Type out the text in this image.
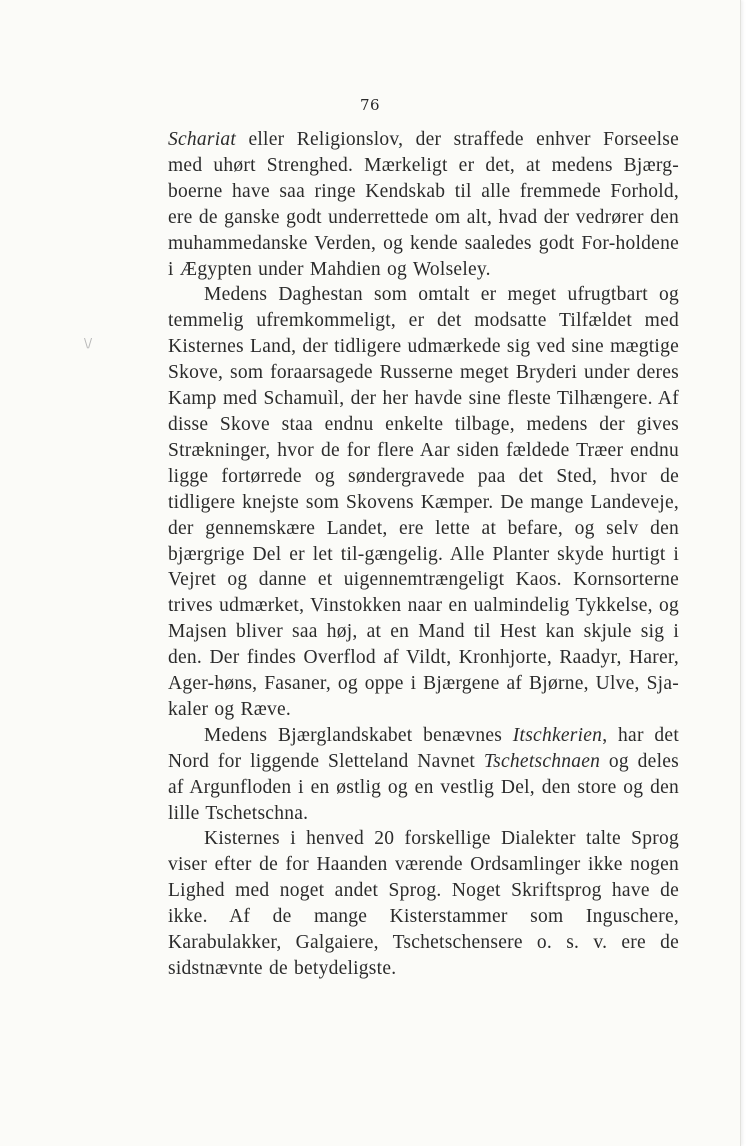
76
\/

Schariat eller Religionslov, der straffede enhver Forseelse med uhørt Strenghed. Mærkeligt er det, at medens Bjærg-boerne have saa ringe Kendskab til alle fremmede Forhold, ere de ganske godt underrettede om alt, hvad der vedrører den muhammedanske Verden, og kende saaledes godt For-holdene i Ægypten under Mahdien og Wolseley.

Medens Daghestan som omtalt er meget ufrugtbart og temmelig ufremkommeligt, er det modsatte Tilfældet med Kisternes Land, der tidligere udmærkede sig ved sine mægtige Skove, som foraarsagede Russerne meget Bryderi under deres Kamp med Schamuìl, der her havde sine fleste Tilhængere. Af disse Skove staa endnu enkelte tilbage, medens der gives Strækninger, hvor de for flere Aar siden fældede Træer endnu ligge fortørrede og søndergravede paa det Sted, hvor de tidligere knejste som Skovens Kæmper. De mange Landeveje, der gennemskære Landet, ere lette at befare, og selv den bjærgrige Del er let til-gængelig. Alle Planter skyde hurtigt i Vejret og danne et uigennemtrængeligt Kaos. Kornsorterne trives udmærket, Vinstokken naar en ualmindelig Tykkelse, og Majsen bliver saa høj, at en Mand til Hest kan skjule sig i den. Der findes Overflod af Vildt, Kronhjorte, Raadyr, Harer, Ager-høns, Fasaner, og oppe i Bjærgene af Bjørne, Ulve, Sja-kaler og Ræve.

Medens Bjærglandskabet benævnes Itschkerien, har det Nord for liggende Sletteland Navnet Tschetschnaen og deles af Argunfloden i en østlig og en vestlig Del, den store og den lille Tschetschna.

Kisternes i henved 20 forskellige Dialekter talte Sprog viser efter de for Haanden værende Ordsamlinger ikke nogen Lighed med noget andet Sprog. Noget Skriftsprog have de ikke. Af de mange Kisterstammer som Inguschere, Karabulakker, Galgaiere, Tschetschensere o. s. v. ere de sidstnævnte de betydeligste.
